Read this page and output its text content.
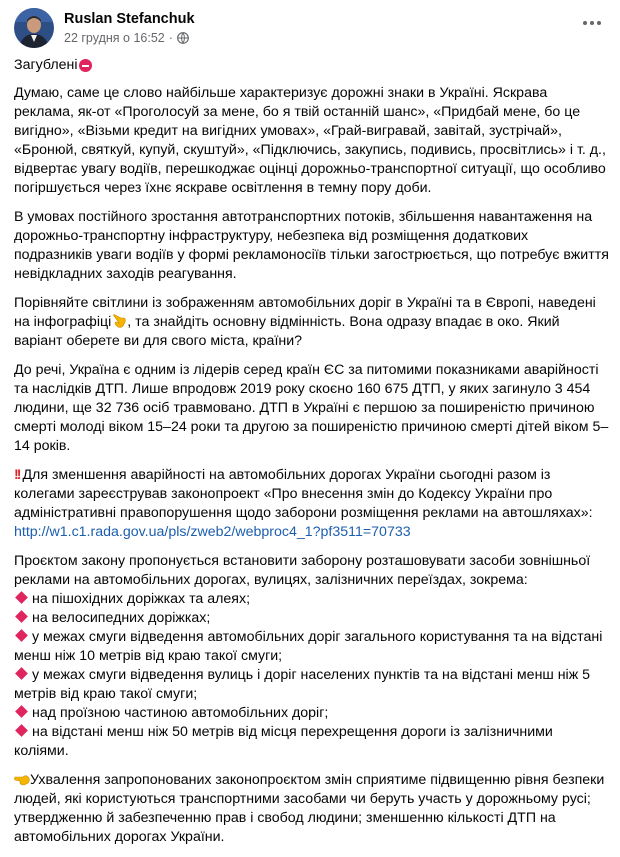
Ruslan Stefanchuk
22 грудня о 16:52 ·
Загублені

Думаю, саме це слово найбільше характеризує дорожні знаки в Україні. Яскрава реклама, як-от «Проголосуй за мене, бо я твій останній шанс», «Придбай мене, бо це вигідно», «Візьми кредит на вигідних умовах», «Грай-вигравай, завітай, зустрічай», «Бронюй, святкуй, купуй, скуштуй», «Підключись, закупись, подивись, просвітлись» і т. д., відвертає увагу водіїв, перешкоджає оцінці дорожньо-транспортної ситуації, що особливо погіршується через їхнє яскраве освітлення в темну пору доби.

В умовах постійного зростання автотранспортних потоків, збільшення навантаження на дорожньо-транспортну інфраструктуру, небезпека від розміщення додаткових подразників уваги водіїв у формі рекламоносіїв тільки загострюється, що потребує вжиття невідкладних заходів реагування.

Порівняйте світлини із зображенням автомобільних доріг в Україні та в Європі, наведені на інфографіці , та знайдіть основну відмінність. Вона одразу впадає в око. Який варіант оберете ви для свого міста, країни?

До речі, Україна є одним із лідерів серед країн ЄС за питомими показниками аварійності та наслідків ДТП. Лише впродовж 2019 року скоєно 160 675 ДТП, у яких загинуло 3 454 людини, ще 32 736 осіб травмовано. ДТП в Україні є першою за поширеністю причиною смерті молоді віком 15–24 роки та другою за поширеністю причиною смерті дітей віком 5–14 років.

!! Для зменшення аварійності на автомобільних дорогах України сьогодні разом із колегами зареєстрував законопроект «Про внесення змін до Кодексу України про адміністративні правопорушення щодо заборони розміщення реклами на автошляхах»:
http://w1.c1.rada.gov.ua/pls/zweb2/webproc4_1?pf3511=70733

Проєктом закону пропонується встановити заборону розташовувати засоби зовнішньої реклами на автомобільних дорогах, вулицях, залізничних переїздах, зокрема:

на пішохідних доріжках та алеях;

на велосипедних доріжках;

у межах смуги відведення автомобільних доріг загального користування та на відстані менш ніж 10 метрів від краю такої смуги;

у межах смуги відведення вулиць і доріг населених пунктів та на відстані менш ніж 5 метрів від краю такої смуги;

над проїзною частиною автомобільних доріг;

на відстані менш ніж 50 метрів від місця перехрещення дороги із залізничними коліями.

Ухвалення запропонованих законопроєктом змін сприятиме підвищенню рівня безпеки людей, які користуються транспортними засобами чи беруть участь у дорожньому русі; утвердженню й забезпеченню прав і свобод людини; зменшенню кількості ДТП на автомобільних дорогах України.
